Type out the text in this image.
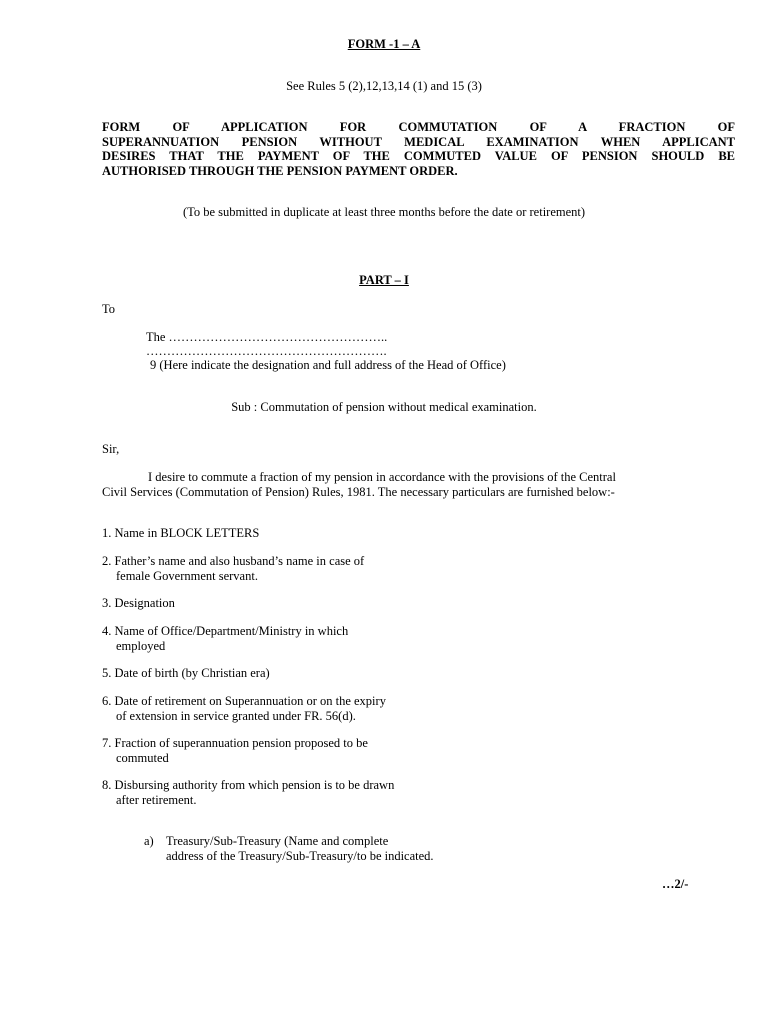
FORM -1 – A
See Rules 5 (2),12,13,14 (1) and 15 (3)
FORM OF APPLICATION FOR COMMUTATION OF A FRACTION OF
SUPERANNUATION PENSION WITHOUT MEDICAL EXAMINATION WHEN APPLICANT
DESIRES THAT THE PAYMENT OF THE COMMUTED VALUE OF PENSION SHOULD BE
AUTHORISED THROUGH THE PENSION PAYMENT ORDER.
(To be submitted in duplicate at least three months before the date or retirement)
PART – I
To
The ……………………………………………..
………………………………………………….
9 (Here indicate the designation and full address of the Head of Office)
Sub : Commutation of pension without medical examination.
Sir,
I desire to commute a fraction of my pension in accordance with the provisions of the Central
Civil Services (Commutation of Pension) Rules, 1981. The necessary particulars are furnished below:-
1. Name in BLOCK LETTERS
2. Father’s name and also husband’s name in case of
female Government servant.
3. Designation
4. Name of Office/Department/Ministry in which
employed
5. Date of birth (by Christian era)
6. Date of retirement on Superannuation or on the expiry
of extension in service granted under FR. 56(d).
7. Fraction of superannuation pension proposed to be
commuted
8. Disbursing authority from which pension is to be drawn
after retirement.
a) Treasury/Sub-Treasury (Name and complete
address of the Treasury/Sub-Treasury/to be indicated.
…2/-
